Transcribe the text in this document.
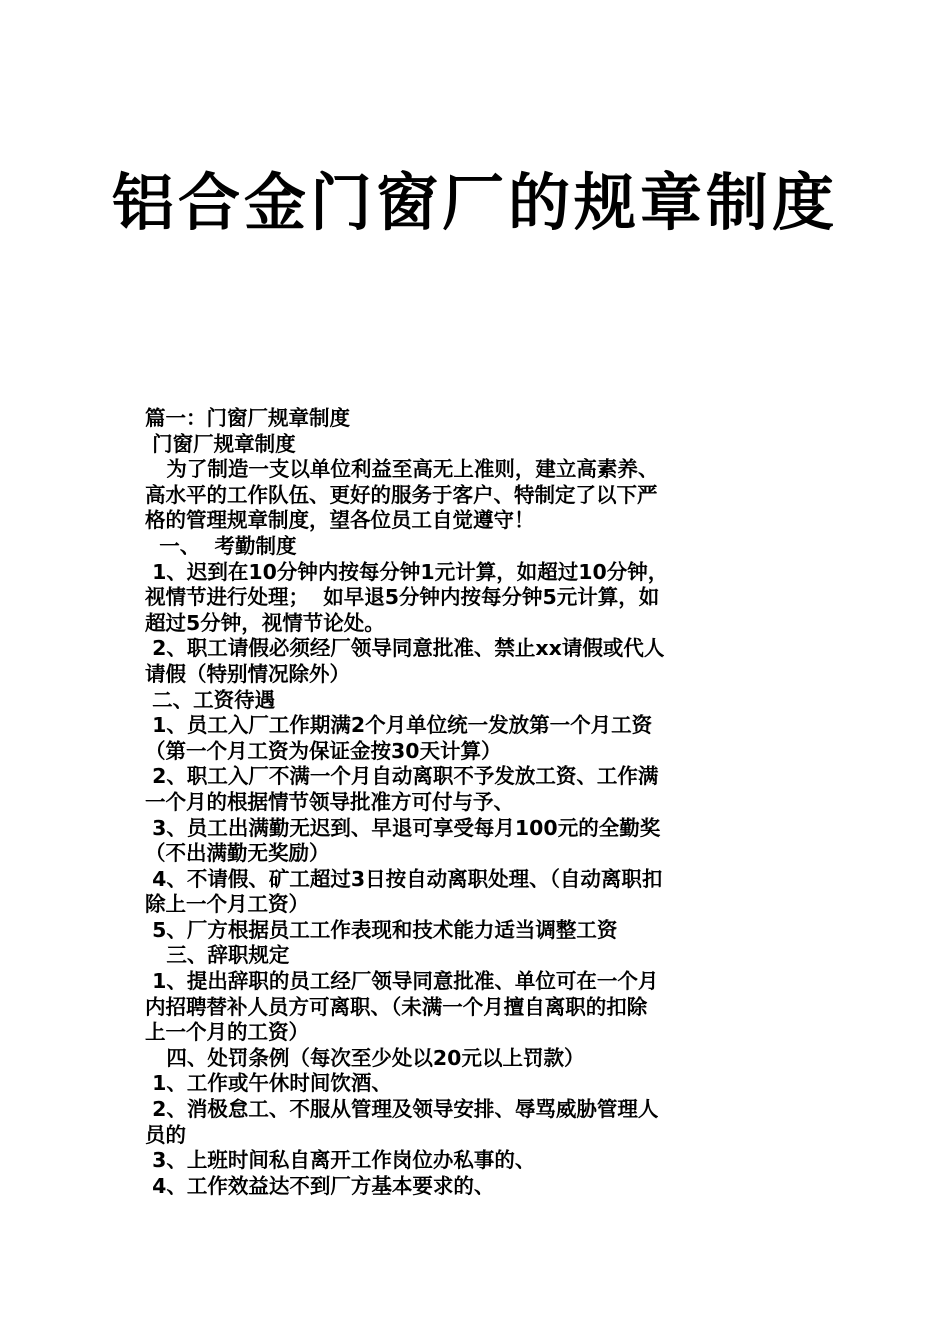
铝合金门窗厂的规章制度

篇一：门窗厂规章制度

门窗厂规章制度

为了制造一支以单位利益至高无上准则，建立高素养、

高水平的工作队伍、更好的服务于客户、特制定了以下严

格的管理规章制度，望各位员工自觉遵守！

一、  考勤制度

1、迟到在10分钟内按每分钟1元计算，如超过10分钟，

视情节进行处理；  如早退5分钟内按每分钟5元计算，如

超过5分钟，视情节论处。

2、职工请假必须经厂领导同意批准、禁止xx请假或代人

请假（特别情况除外）

二、工资待遇

1、员工入厂工作期满2个月单位统一发放第一个月工资

（第一个月工资为保证金按30天计算）

2、职工入厂不满一个月自动离职不予发放工资、工作满

一个月的根据情节领导批准方可付与予、

3、员工出满勤无迟到、早退可享受每月100元的全勤奖

（不出满勤无奖励）

4、不请假、矿工超过3日按自动离职处理、（自动离职扣

除上一个月工资）

5、厂方根据员工工作表现和技术能力适当调整工资

三、辞职规定

1、提出辞职的员工经厂领导同意批准、单位可在一个月

内招聘替补人员方可离职、（未满一个月擅自离职的扣除

上一个月的工资）

四、处罚条例（每次至少处以20元以上罚款）

1、工作或午休时间饮酒、

2、消极怠工、不服从管理及领导安排、辱骂威胁管理人

员的

3、上班时间私自离开工作岗位办私事的、

4、工作效益达不到厂方基本要求的、
